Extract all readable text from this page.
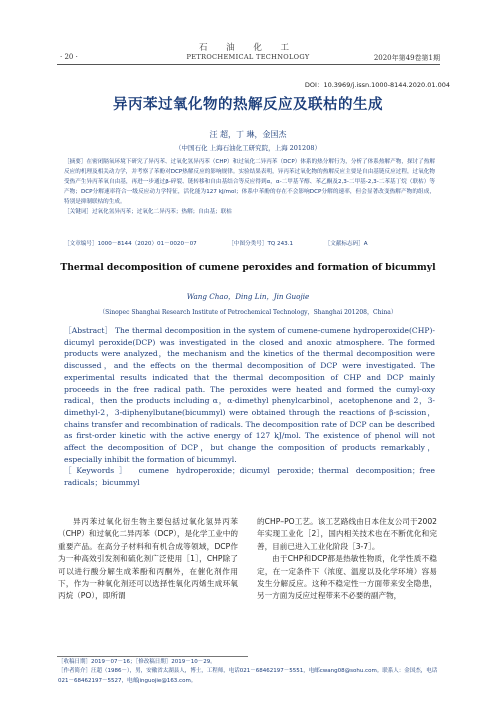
· 20 ·
石 油 化 工
PETROCHEMICAL TECHNOLOGY	2020年第49卷第1期
DOI：10.3969/j.issn.1000-8144.2020.01.004
异丙苯过氧化物的热解反应及联枯的生成
汪 超，丁 琳，金国杰
（中国石化 上海石油化工研究院，上海 201208）
［摘要］在密闭隔氧环境下研究了异丙苯、过氧化氢异丙苯（CHP）和过氧化二异丙苯（DCP）体系的热分解行为，分析了体系热解产物，探讨了热解反应的机理及相关动力学，并考察了苯酚对DCP热解反应的影响规律。实验结果表明，异丙苯过氧化物的热解反应主要是自由基链反应过程，过氧化物受热产生异丙苯氧自由基，再进一步通过β-碎裂、链转移和自由基结合等反应得到α，α-二甲基苄醇、苯乙酮及2,3-二甲基-2,3-二苯基丁烷（联枯）等产物；DCP分解速率符合一级反应动力学特征，活化能为127 kJ/mol；体系中苯酚的存在不会影响DCP分解的速率，但会显著改变热解产物的组成，特别是抑制联枯的生成。
［关键词］过氧化氢异丙苯；过氧化二异丙苯；热解；自由基；联枯
［文章编号］1000－8144（2020）01－0020－07	［中图分类号］TQ 243.1	［文献标志码］A
Thermal decomposition of cumene peroxides and formation of bicummyl
Wang Chao，Ding Lin，Jin Guojie
（Sinopec Shanghai Research Institute of Petrochemical Technology，Shanghai 201208，China）
［Abstract］ The thermal decomposition in the system of cumene-cumene hydroperoxide(CHP)-dicumyl peroxide(DCP) was investigated in the closed and anoxic atmosphere. The formed products were analyzed，the mechanism and the kinetics of the thermal decomposition were discussed，and the effects on the thermal decomposition of DCP were investigated. The experimental results indicated that the thermal decomposition of CHP and DCP mainly proceeds in the free radical path. The peroxides were heated and formed the cumyl-oxy radical，then the products including α，α-dimethyl phenylcarbinol，acetophenone and 2，3-dimethyl-2，3-diphenylbutane(bicummyl) were obtained through the reactions of β-scission，chains transfer and recombination of radicals. The decomposition rate of DCP can be described as first-order kinetic with the active energy of 127 kJ/mol. The existence of phenol will not affect the decomposition of DCP，but change the composition of products remarkably，especially inhibit the formation of bicummyl.
［Keywords］ cumene hydroperoxide；dicumyl peroxide；thermal decomposition；free radicals；bicummyl
异丙苯过氧化衍生物主要包括过氧化氢异丙苯（CHP）和过氧化二异丙苯（DCP），是化学工业中的重要产品。在高分子材料和有机合成等领域，DCP作为一种高效引发剂和硫化剂广泛使用［1］，CHP除了可以进行酸分解生成苯酚和丙酮外，在催化剂作用下，作为一种氧化剂还可以选择性氧化丙烯生成环氧丙烷（PO），即所谓
的CHP–PO工艺。该工艺路线由日本住友公司于2002年实现工业化［2］，国内相关技术也在不断优化和完善，目前已进入工业化阶段［3-7］。
由于CHP和DCP都是热敏性物质，化学性质不稳定，在一定条件下（浓度、温度以及化学环境）容易发生分解反应。这种不稳定性一方面带来安全隐患，另一方面为反应过程带来不必要的副产物，
［收稿日期］2019－07－16；［修改稿日期］2019－10－29。
［作者简介］汪超（1986－），男，安徽省太湖县人，博士，工程师，电话021－68462197－5551，电邮cwang08@sohu.com。联系人：金国杰，电话021－68462197－5527，电邮jinguojie@163.com。
